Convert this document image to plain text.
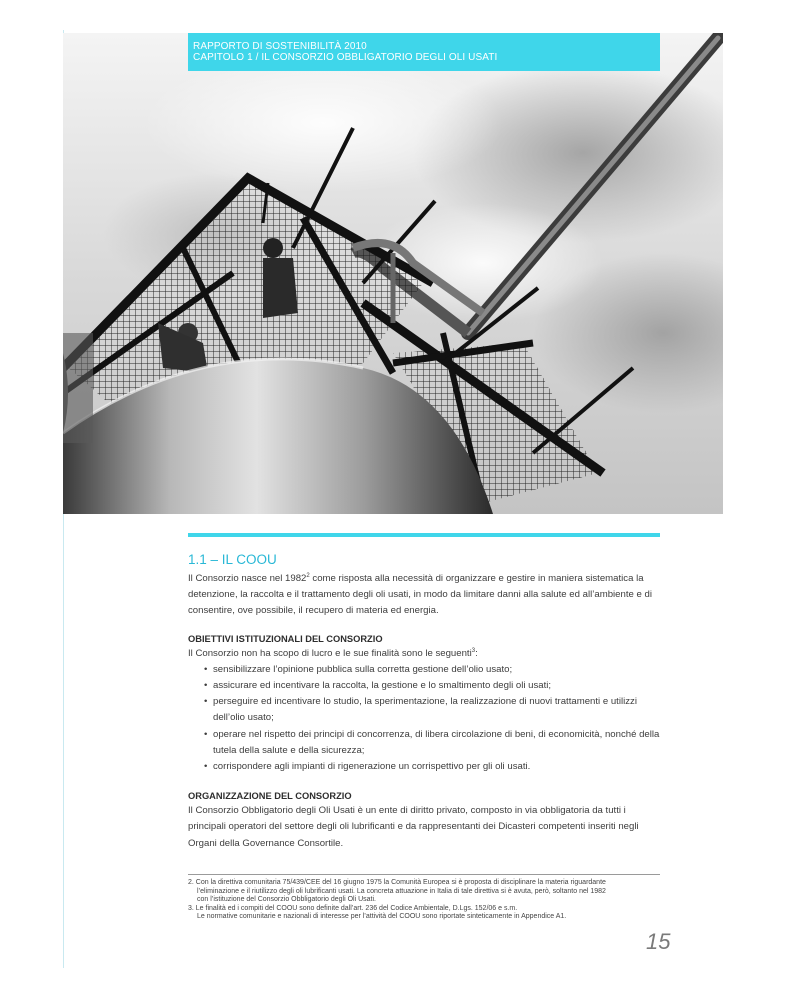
RAPPORTO DI SOSTENIBILITÀ 2010
CAPITOLO 1 / IL CONSORZIO OBBLIGATORIO DEGLI OLI USATI
1.1 – IL COOU

Il Consorzio nasce nel 1982$^2$ come risposta alla necessità di organizzare e gestire in maniera sistematica la detenzione, la raccolta e il trattamento degli oli usati, in modo da limitare danni alla salute ed all’ambiente e di consentire, ove possibile, il recupero di materia ed energia.

OBIETTIVI ISTITUZIONALI DEL CONSORZIO

Il Consorzio non ha scopo di lucro e le sue finalità sono le seguenti$^3$:

• sensibilizzare l’opinione pubblica sulla corretta gestione dell’olio usato;
• assicurare ed incentivare la raccolta, la gestione e lo smaltimento degli oli usati;
• perseguire ed incentivare lo studio, la sperimentazione, la realizzazione di nuovi trattamenti e utilizzi dell’olio usato;
• operare nel rispetto dei principi di concorrenza, di libera circolazione di beni, di economicità, nonché della tutela della salute e della sicurezza;
• corrispondere agli impianti di rigenerazione un corrispettivo per gli oli usati.
ORGANIZZAZIONE DEL CONSORZIO

Il Consorzio Obbligatorio degli Oli Usati è un ente di diritto privato, composto in via obbligatoria da tutti i principali operatori del settore degli oli lubrificanti e da rappresentanti dei Dicasteri competenti inseriti negli Organi della Governance Consortile.

2. Con la direttiva comunitaria 75/439/CEE del 16 giugno 1975 la Comunità Europea si è proposta di disciplinare la materia riguardante
l’eliminazione e il riutilizzo degli oli lubrificanti usati. La concreta attuazione in Italia di tale direttiva si è avuta, però, soltanto nel 1982
con l’istituzione del Consorzio Obbligatorio degli Oli Usati.
3. Le finalità ed i compiti del COOU sono definite dall’art. 236 del Codice Ambientale, D.Lgs. 152/06 e s.m.
Le normative comunitarie e nazionali di interesse per l’attività del COOU sono riportate sinteticamente in Appendice A1.
15
